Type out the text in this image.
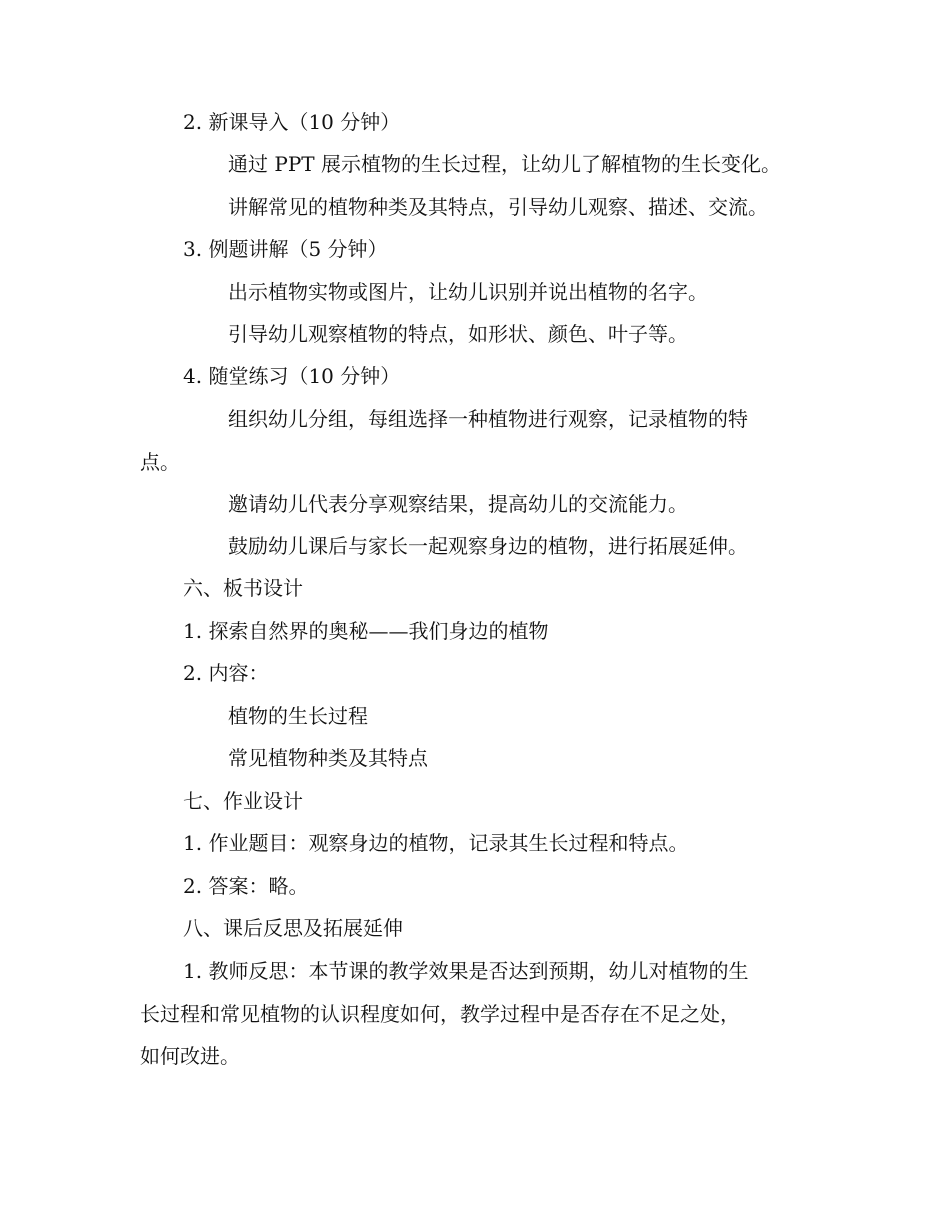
2. 新课导入（10 分钟）
通过 PPT 展示植物的生长过程，让幼儿了解植物的生长变化。
讲解常见的植物种类及其特点，引导幼儿观察、描述、交流。
3. 例题讲解（5 分钟）
出示植物实物或图片，让幼儿识别并说出植物的名字。
引导幼儿观察植物的特点，如形状、颜色、叶子等。
4. 随堂练习（10 分钟）
组织幼儿分组，每组选择一种植物进行观察，记录植物的特
点。
邀请幼儿代表分享观察结果，提高幼儿的交流能力。
鼓励幼儿课后与家长一起观察身边的植物，进行拓展延伸。
六、板书设计
1. 探索自然界的奥秘——我们身边的植物
2. 内容：
植物的生长过程
常见植物种类及其特点
七、作业设计
1. 作业题目：观察身边的植物，记录其生长过程和特点。
2. 答案：略。
八、课后反思及拓展延伸
1. 教师反思：本节课的教学效果是否达到预期，幼儿对植物的生
长过程和常见植物的认识程度如何，教学过程中是否存在不足之处，
如何改进。
